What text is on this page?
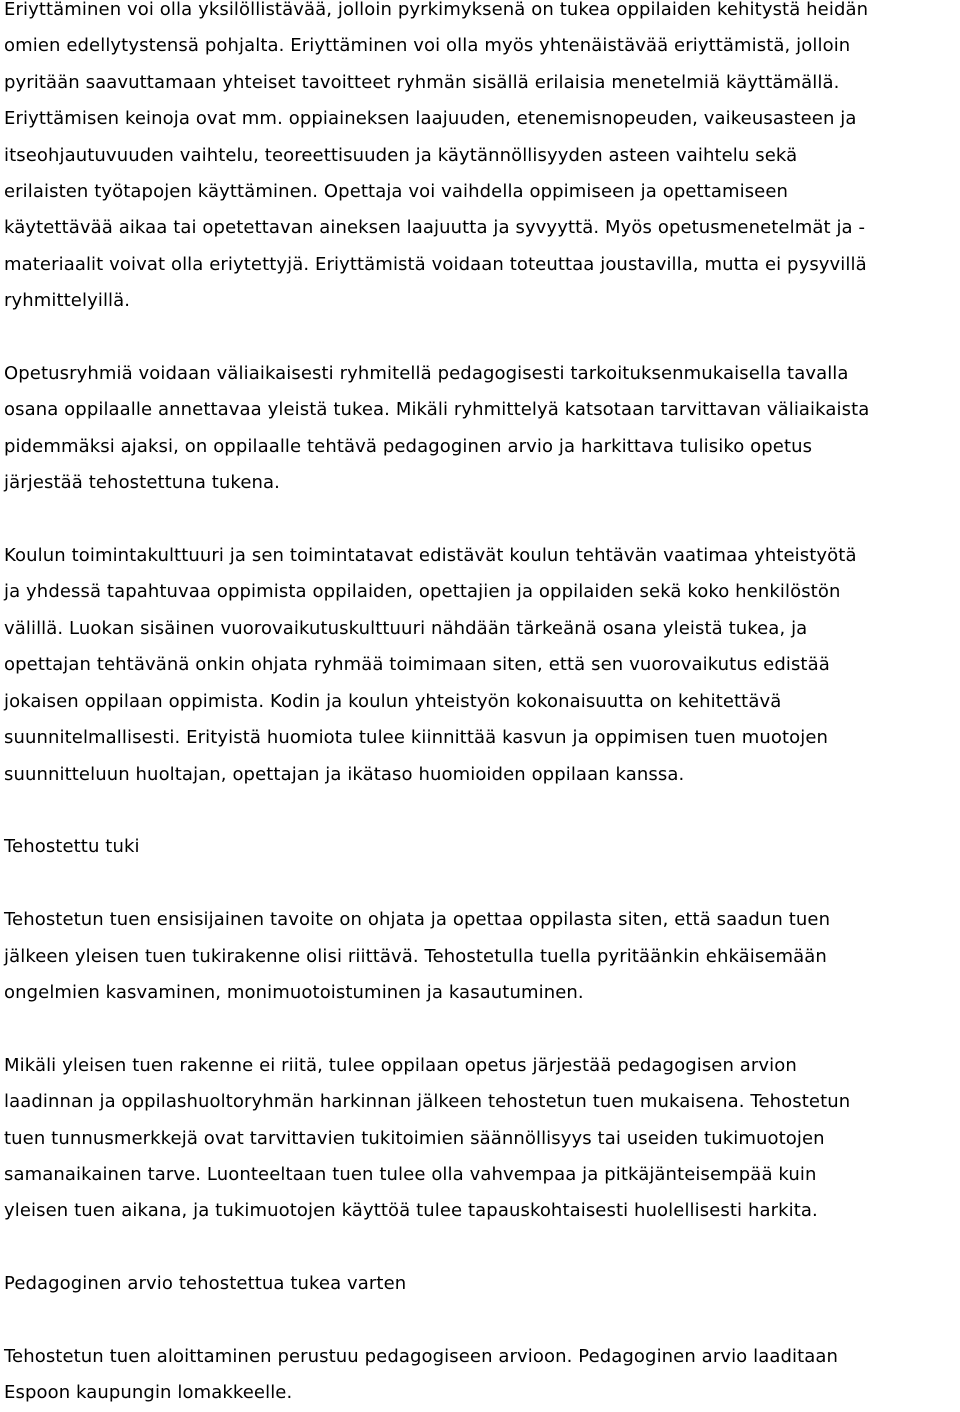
Eriyttäminen voi olla yksilöllistävää, jolloin pyrkimyksenä on tukea oppilaiden kehitystä heidän
omien edellytystensä pohjalta. Eriyttäminen voi olla myös yhtenäistävää eriyttämistä, jolloin
pyritään saavuttamaan yhteiset tavoitteet ryhmän sisällä erilaisia menetelmiä käyttämällä.
Eriyttämisen keinoja ovat mm. oppiaineksen laajuuden, etenemisnopeuden, vaikeusasteen ja
itseohjautuvuuden vaihtelu, teoreettisuuden ja käytännöllisyyden asteen vaihtelu sekä
erilaisten työtapojen käyttäminen. Opettaja voi vaihdella oppimiseen ja opettamiseen
käytettävää aikaa tai opetettavan aineksen laajuutta ja syvyyttä. Myös opetusmenetelmät ja -
materiaalit voivat olla eriytettyjä. Eriyttämistä voidaan toteuttaa joustavilla, mutta ei pysyvillä
ryhmittelyillä.

Opetusryhmiä voidaan väliaikaisesti ryhmitellä pedagogisesti tarkoituksenmukaisella tavalla
osana oppilaalle annettavaa yleistä tukea. Mikäli ryhmittelyä katsotaan tarvittavan väliaikaista
pidemmäksi ajaksi, on oppilaalle tehtävä pedagoginen arvio ja harkittava tulisiko opetus
järjestää tehostettuna tukena.

Koulun toimintakulttuuri ja sen toimintatavat edistävät koulun tehtävän vaatimaa yhteistyötä
ja yhdessä tapahtuvaa oppimista oppilaiden, opettajien ja oppilaiden sekä koko henkilöstön
välillä. Luokan sisäinen vuorovaikutuskulttuuri nähdään tärkeänä osana yleistä tukea, ja
opettajan tehtävänä onkin ohjata ryhmää toimimaan siten, että sen vuorovaikutus edistää
jokaisen oppilaan oppimista. Kodin ja koulun yhteistyön kokonaisuutta on kehitettävä
suunnitelmallisesti. Erityistä huomiota tulee kiinnittää kasvun ja oppimisen tuen muotojen
suunnitteluun huoltajan, opettajan ja ikätaso huomioiden oppilaan kanssa.

Tehostettu tuki

Tehostetun tuen ensisijainen tavoite on ohjata ja opettaa oppilasta siten, että saadun tuen
jälkeen yleisen tuen tukirakenne olisi riittävä. Tehostetulla tuella pyritäänkin ehkäisemään
ongelmien kasvaminen, monimuotoistuminen ja kasautuminen.

Mikäli yleisen tuen rakenne ei riitä, tulee oppilaan opetus järjestää pedagogisen arvion
laadinnan ja oppilashuoltoryhmän harkinnan jälkeen tehostetun tuen mukaisena. Tehostetun
tuen tunnusmerkkejä ovat tarvittavien tukitoimien säännöllisyys tai useiden tukimuotojen
samanaikainen tarve. Luonteeltaan tuen tulee olla vahvempaa ja pitkäjänteisempää kuin
yleisen tuen aikana, ja tukimuotojen käyttöä tulee tapauskohtaisesti huolellisesti harkita.

Pedagoginen arvio tehostettua tukea varten

Tehostetun tuen aloittaminen perustuu pedagogiseen arvioon. Pedagoginen arvio laaditaan
Espoon kaupungin lomakkeelle.
